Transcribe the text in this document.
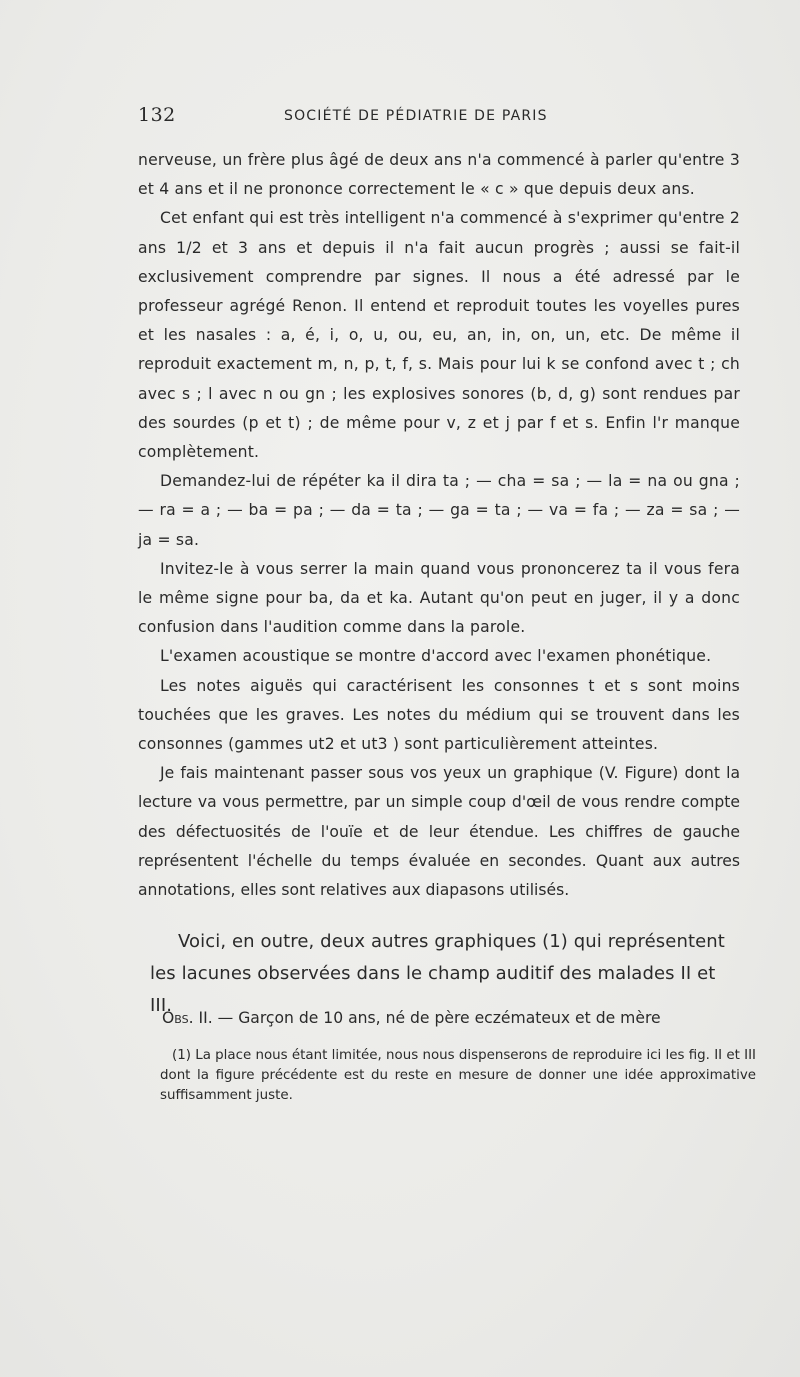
132	SOCIÉTÉ DE PÉDIATRIE DE PARIS

nerveuse, un frère plus âgé de deux ans n'a commencé à parler qu'entre 3 et 4 ans et il ne prononce correctement le « c » que depuis deux ans.

Cet enfant qui est très intelligent n'a commencé à s'exprimer qu'entre 2 ans 1/2 et 3 ans et depuis il n'a fait aucun progrès ; aussi se fait-il exclusivement comprendre par signes. Il nous a été adressé par le professeur agrégé Renon. Il entend et reproduit toutes les voyelles pures et les nasales : a, é, i, o, u, ou, eu, an, in, on, un, etc. De même il reproduit exactement m, n, p, t, f, s. Mais pour lui k se confond avec t ; ch avec s ; l avec n ou gn ; les explosives sonores (b, d, g) sont rendues par des sourdes (p et t) ; de même pour v, z et j par f et s. Enfin l'r manque complètement.

Demandez-lui de répéter ka il dira ta ; — cha = sa ; — la = na ou gna ; — ra = a ; — ba = pa ; — da = ta ; — ga = ta ; — va = fa ; — za = sa ; — ja = sa.

Invitez-le à vous serrer la main quand vous prononcerez ta il vous fera le même signe pour ba, da et ka. Autant qu'on peut en juger, il y a donc confusion dans l'audition comme dans la parole.

L'examen acoustique se montre d'accord avec l'examen phonétique.

Les notes aiguës qui caractérisent les consonnes t et s sont moins touchées que les graves. Les notes du médium qui se trouvent dans les consonnes (gammes ut2 et ut3 ) sont particulièrement atteintes.

Je fais maintenant passer sous vos yeux un graphique (V. Figure) dont la lecture va vous permettre, par un simple coup d'œil de vous rendre compte des défectuosités de l'ouïe et de leur étendue. Les chiffres de gauche représentent l'échelle du temps évaluée en secondes. Quant aux autres annotations, elles sont relatives aux diapasons utilisés.

Voici, en outre, deux autres graphiques (1) qui représentent
les lacunes observées dans le champ auditif des malades II et III.
Obs. II. — Garçon de 10 ans, né de père eczémateux et de mère

(1) La place nous étant limitée, nous nous dispenserons de reproduire ici les fig. II et III dont la figure précédente est du reste en mesure de donner une idée approximative suffisamment juste.
